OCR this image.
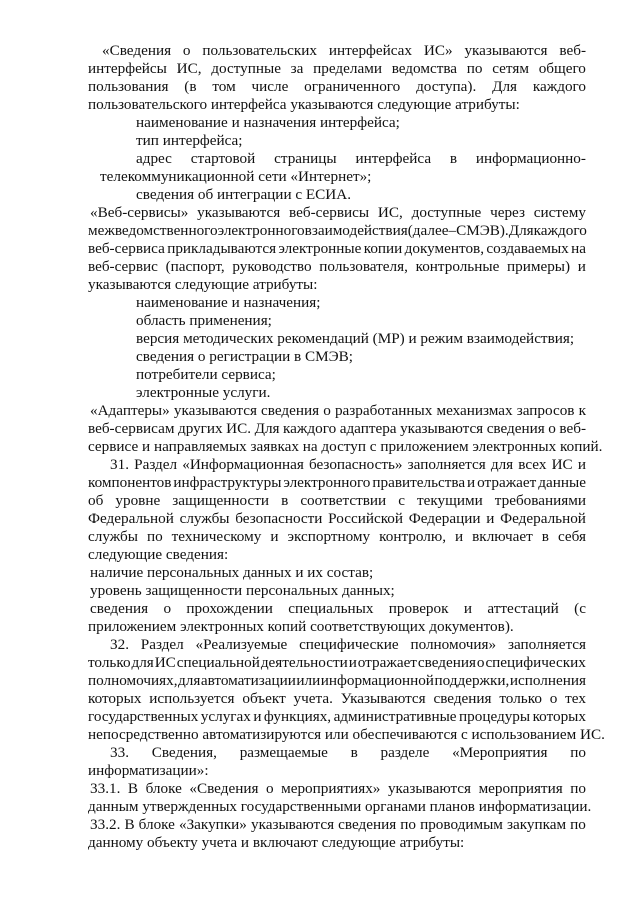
«Сведения о пользовательских интерфейсах ИС» указываются веб-
интерфейсы ИС, доступные за пределами ведомства по сетям общего
пользования (в том числе ограниченного доступа). Для каждого
пользовательского интерфейса указываются следующие атрибуты:
наименование и назначения интерфейса;
тип интерфейса;
адрес стартовой страницы интерфейса в информационно-
телекоммуникационной сети «Интернет»;
сведения об интеграции с ЕСИА.
«Веб-сервисы» указываются веб-сервисы ИС, доступные через систему
межведомственного электронного взаимодействия (далее – СМЭВ). Для каждого
веб-сервиса прикладываются электронные копии документов, создаваемых на
веб-сервис (паспорт, руководство пользователя, контрольные примеры) и
указываются следующие атрибуты:
наименование и назначения;
область применения;
версия методических рекомендаций (МР) и режим взаимодействия;
сведения о регистрации в СМЭВ;
потребители сервиса;
электронные услуги.
«Адаптеры» указываются сведения о разработанных механизмах запросов к
веб-сервисам других ИС. Для каждого адаптера указываются сведения о веб-
сервисе и направляемых заявках на доступ с приложением электронных копий.
31. Раздел «Информационная безопасность» заполняется для всех ИС и
компонентов инфраструктуры электронного правительства и отражает данные
об уровне защищенности в соответствии с текущими требованиями
Федеральной службы безопасности Российской Федерации и Федеральной
службы по техническому и экспортному контролю, и включает в себя
следующие сведения:
наличие персональных данных и их состав;
уровень защищенности персональных данных;
сведения о прохождении специальных проверок и аттестаций (с
приложением электронных копий соответствующих документов).
32. Раздел «Реализуемые специфические полномочия» заполняется
только для ИС специальной деятельности и отражает сведения о специфических
полномочиях, для автоматизации или информационной поддержки, исполнения
которых используется объект учета. Указываются сведения только о тех
государственных услугах и функциях, административные процедуры которых
непосредственно автоматизируются или обеспечиваются с использованием ИС.
33. Сведения, размещаемые в разделе «Мероприятия по
информатизации»:
33.1. В блоке «Сведения о мероприятиях» указываются мероприятия по
данным утвержденных государственными органами планов информатизации.
33.2. В блоке «Закупки» указываются сведения по проводимым закупкам по
данному объекту учета и включают следующие атрибуты:
